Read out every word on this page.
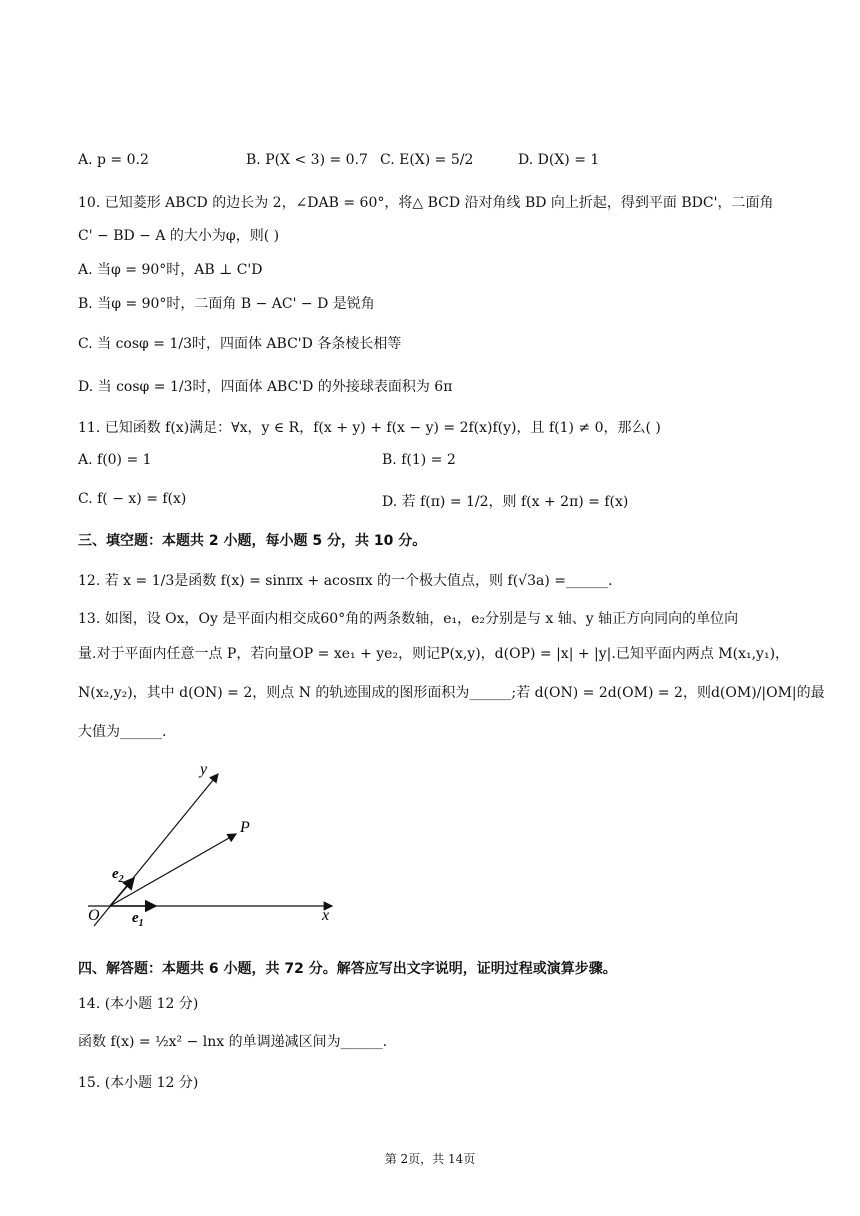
A. p = 0.2	B. P(X < 3) = 0.7 C. E(X) = 5/2	D. D(X) = 1
10. 已知菱形 ABCD 的边长为 2，∠DAB = 60°，将△ BCD 沿对角线 BD 向上折起，得到平面 BDC'，二面角
C' − BD − A 的大小为φ，则( )
A. 当φ = 90°时，AB ⊥ C'D
B. 当φ = 90°时，二面角 B − AC' − D 是锐角
C. 当 cosφ = 1/3时，四面体 ABC'D 各条棱长相等
D. 当 cosφ = 1/3时，四面体 ABC'D 的外接球表面积为 6π
11. 已知函数 f(x)满足：∀x，y ∈ R，f(x + y) + f(x − y) = 2f(x)f(y)，且 f(1) ≠ 0，那么( )
A. f(0) = 1	B. f(1) = 2
C. f( − x) = f(x)	D. 若 f(π) = 1/2，则 f(x + 2π) = f(x)
三、填空题：本题共 2 小题，每小题 5 分，共 10 分。
12. 若 x = 1/3是函数 f(x) = sinπx + acosπx 的一个极大值点，则 f(√3a) =______.
13. 如图，设 Ox，Oy 是平面内相交成60°角的两条数轴，e₁，e₂分别是与 x 轴、y 轴正方向同向的单位向
量.对于平面内任意一点 P，若向量OP = xe₁ + ye₂，则记P(x,y)，d(OP) = |x| + |y|.已知平面内两点 M(x₁,y₁)，
N(x₂,y₂)，其中 d(ON) = 2，则点 N 的轨迹围成的图形面积为______;若 d(ON) = 2d(OM) = 2，则d(OM)/|OM|的最
大值为______.
y
P
$e_2$
O $e_1$	x
四、解答题：本题共 6 小题，共 72 分。解答应写出文字说明，证明过程或演算步骤。
14. (本小题 12 分)
函数 f(x) = ½x² − lnx 的单调递减区间为______.
15. (本小题 12 分)
第 2页，共 14页
